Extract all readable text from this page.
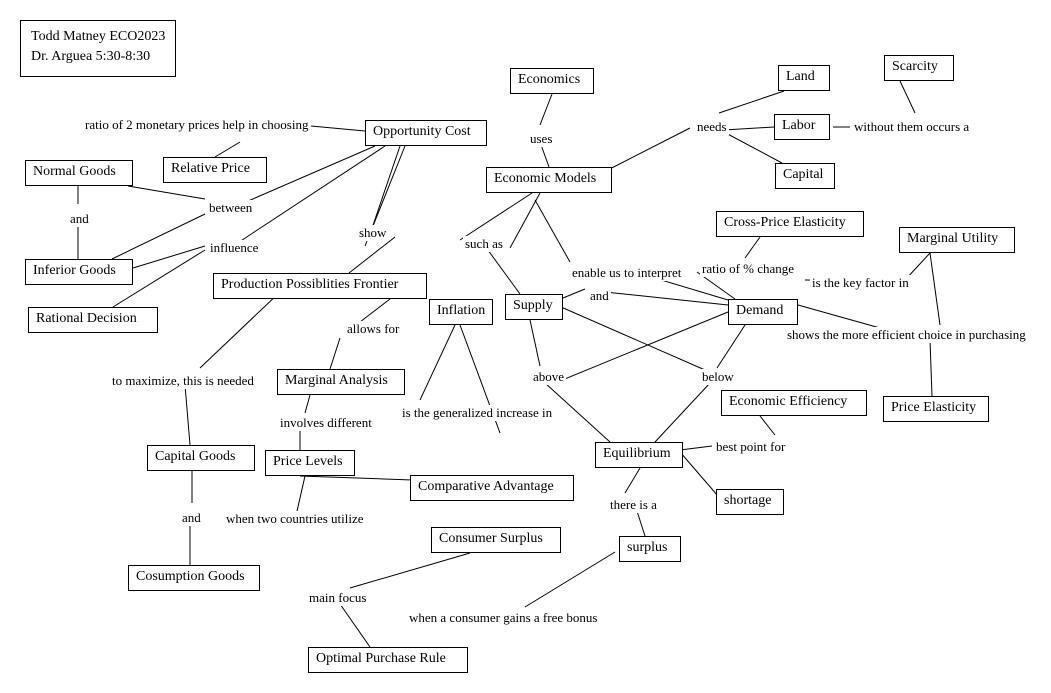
Todd Matney ECO2023
Dr. Arguea 5:30-8:30
Economics	Land
Scarcity
Labor
Capital
Opportunity Cost
Relative Price
Normal Goods
Inferior Goods
Rational Decision
Economic Models
Cross-Price Elasticity
Marginal Utility
Production Possiblities Frontier
Inflation	Supply	Demand
Marginal Analysis
Price Elasticity
Economic Efficiency
Capital Goods	Price Levels
Equilibrium
Comparative Advantage
shortage
Consumer Surplus
surplus
Cosumption Goods
Optimal Purchase Rule
ratio of 2 monetary prices help in choosing
uses
needs	without them occurs a
between
and
influence
show
such as
enable us to interpret ratio of % change
is the key factor in
and
shows the more efficient choice in purchasing
allows for
above	below
to maximize, this is needed
is the generalized increase in
involves different
best point for
and when two countries utilize
there is a
main focus
when a consumer gains a free bonus
